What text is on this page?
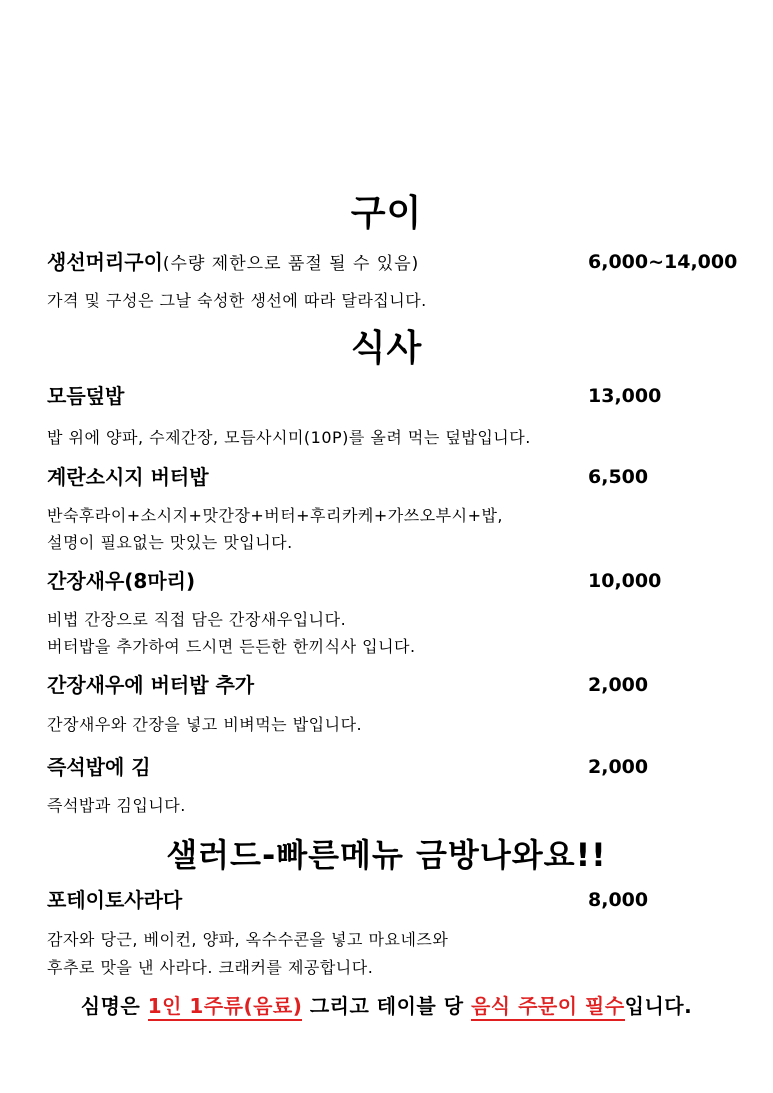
구이
생선머리구이(수량 제한으로 품절 될 수 있음)	6,000~14,000
가격 및 구성은 그날 숙성한 생선에 따라 달라집니다.
식사
모듬덮밥	13,000
밥 위에 양파, 수제간장, 모듬사시미(10P)를 올려 먹는 덮밥입니다.
계란소시지 버터밥	6,500
반숙후라이+소시지+맛간장+버터+후리카케+가쓰오부시+밥,
설명이 필요없는 맛있는 맛입니다.
간장새우(8마리)	10,000
비법 간장으로 직접 담은 간장새우입니다.
버터밥을 추가하여 드시면 든든한 한끼식사 입니다.
간장새우에 버터밥 추가	2,000
간장새우와 간장을 넣고 비벼먹는 밥입니다.
즉석밥에 김	2,000
즉석밥과 김입니다.
샐러드-빠른메뉴 금방나와요!!
포테이토사라다	8,000
감자와 당근, 베이컨, 양파, 옥수수콘을 넣고 마요네즈와
후추로 맛을 낸 사라다. 크래커를 제공합니다.
심명은 1인 1주류(음료) 그리고 테이블 당 음식 주문이 필수입니다.
